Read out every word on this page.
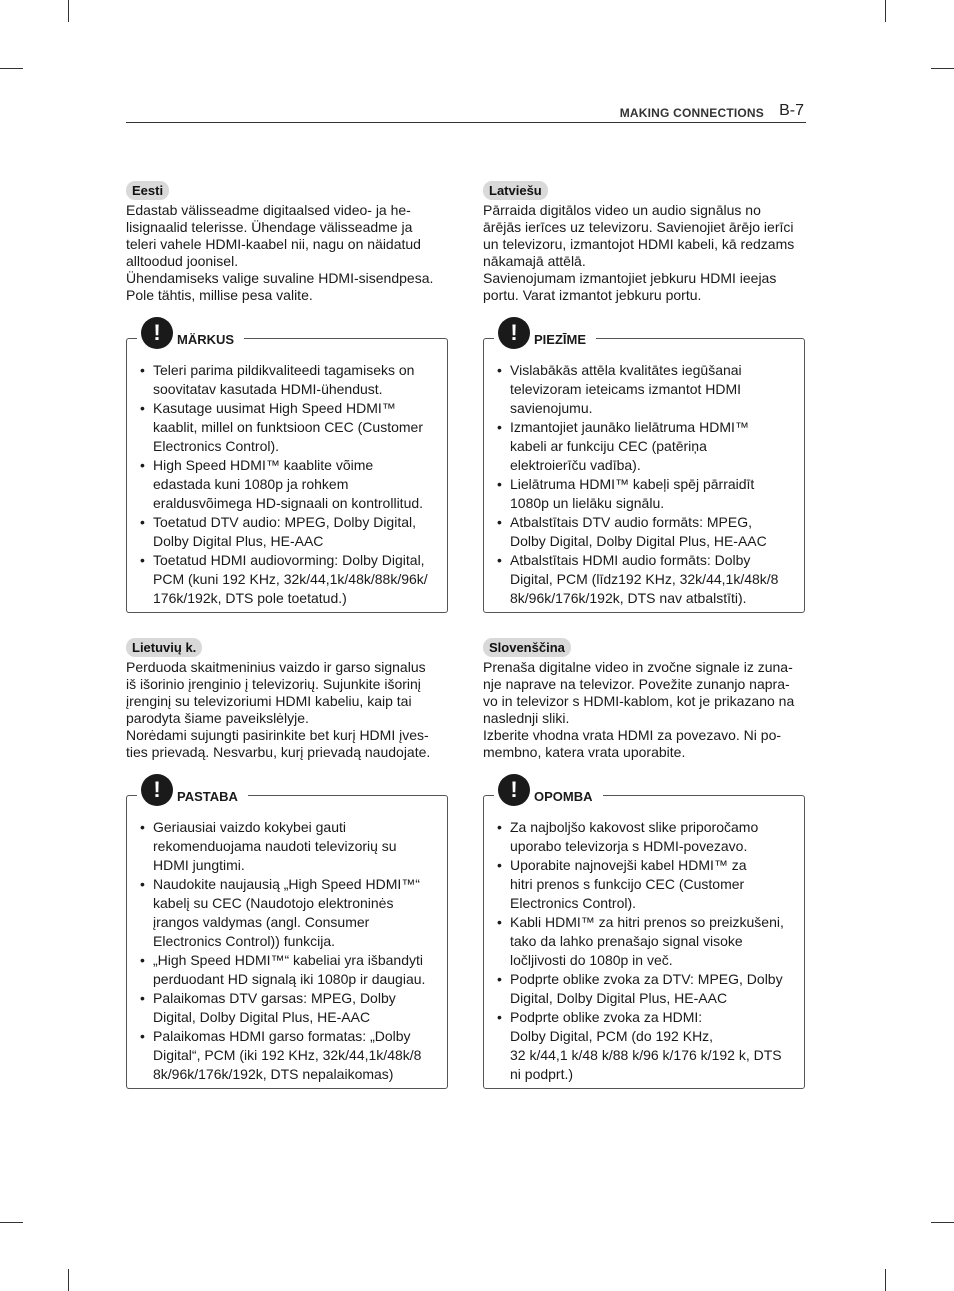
MAKING CONNECTIONS B-7
Eesti

Edastab välisseadme digitaalsed video- ja he-
lisignaalid telerisse. Ühendage välisseadme ja
teleri vahele HDMI-kaabel nii, nagu on näidatud
alltoodud joonisel.

Ühendamiseks valige suvaline HDMI-sisendpesa.
Pole tähtis, millise pesa valite.

!	MÄRKUS
• Teleri parima pildikvaliteedi tagamiseks on
soovitatav kasutada HDMI-ühendust.
• Kasutage uusimat High Speed HDMI™
kaablit, millel on funktsioon CEC (Customer
Electronics Control).
• High Speed HDMI™ kaablite võime
edastada kuni 1080p ja rohkem
eraldusvõimega HD-signaali on kontrollitud.
• Toetatud DTV audio: MPEG, Dolby Digital,
Dolby Digital Plus, HE-AAC
• Toetatud HDMI audiovorming: Dolby Digital,
PCM (kuni 192 KHz, 32k/44,1k/48k/88k/96k/
176k/192k, DTS pole toetatud.)
Latviešu

Pārraida digitālos video un audio signālus no
ārējās ierīces uz televizoru. Savienojiet ārējo ierīci
un televizoru, izmantojot HDMI kabeli, kā redzams
nākamajā attēlā.

Savienojumam izmantojiet jebkuru HDMI ieejas
portu. Varat izmantot jebkuru portu.

!	PIEZĪME
• Vislabākās attēla kvalitātes iegūšanai
televizoram ieteicams izmantot HDMI
savienojumu.
• Izmantojiet jaunāko lielātruma HDMI™
kabeli ar funkciju CEC (patēriņa
elektroierīču vadība).
• Lielātruma HDMI™ kabeļi spēj pārraidīt
1080p un lielāku signālu.
• Atbalstītais DTV audio formāts: MPEG,
Dolby Digital, Dolby Digital Plus, HE-AAC
• Atbalstītais HDMI audio formāts: Dolby
Digital, PCM (līdz192 KHz, 32k/44,1k/48k/8
8k/96k/176k/192k, DTS nav atbalstīti).
Lietuvių k.

Perduoda skaitmeninius vaizdo ir garso signalus
iš išorinio įrenginio į televizorių. Sujunkite išorinį
įrenginį su televizoriumi HDMI kabeliu, kaip tai
parodyta šiame paveikslėlyje.

Norėdami sujungti pasirinkite bet kurį HDMI įves-
ties prievadą. Nesvarbu, kurį prievadą naudojate.

!	PASTABA
• Geriausiai vaizdo kokybei gauti
rekomenduojama naudoti televizorių su
HDMI jungtimi.
• Naudokite naujausią „High Speed HDMI™“
kabelį su CEC (Naudotojo elektroninės
įrangos valdymas (angl. Consumer
Electronics Control)) funkcija.
• „High Speed HDMI™“ kabeliai yra išbandyti
perduodant HD signalą iki 1080p ir daugiau.
• Palaikomas DTV garsas: MPEG, Dolby
Digital, Dolby Digital Plus, HE-AAC
• Palaikomas HDMI garso formatas: „Dolby
Digital“, PCM (iki 192 KHz, 32k/44,1k/48k/8
8k/96k/176k/192k, DTS nepalaikomas)
Slovenščina

Prenaša digitalne video in zvočne signale iz zuna-
nje naprave na televizor. Povežite zunanjo napra-
vo in televizor s HDMI-kablom, kot je prikazano na
naslednji sliki.

Izberite vhodna vrata HDMI za povezavo. Ni po-
membno, katera vrata uporabite.

!	OPOMBA
• Za najboljšo kakovost slike priporočamo
uporabo televizorja s HDMI-povezavo.
• Uporabite najnovejši kabel HDMI™ za
hitri prenos s funkcijo CEC (Customer
Electronics Control).
• Kabli HDMI™ za hitri prenos so preizkušeni,
tako da lahko prenašajo signal visoke
ločljivosti do 1080p in več.
• Podprte oblike zvoka za DTV: MPEG, Dolby
Digital, Dolby Digital Plus, HE-AAC
• Podprte oblike zvoka za HDMI:
Dolby Digital, PCM (do 192 KHz,
32 k/44,1 k/48 k/88 k/96 k/176 k/192 k, DTS
ni podprt.)
